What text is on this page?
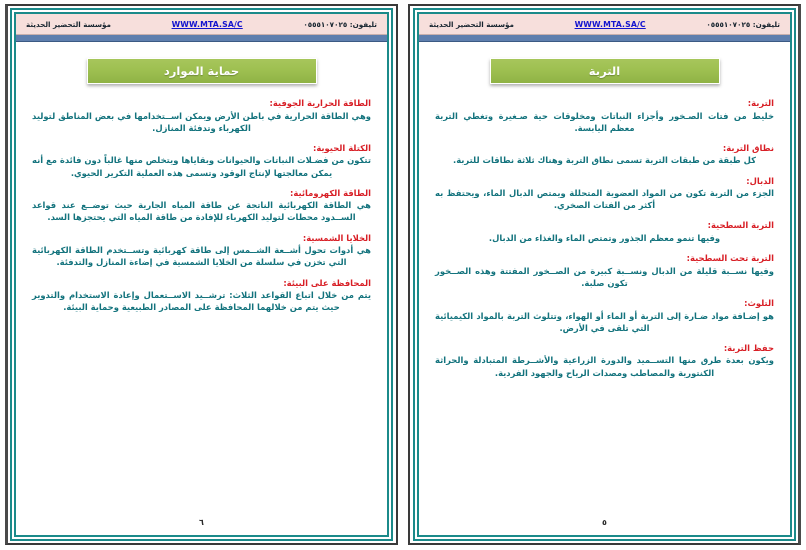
تليفون: ٠٥٥٥١٠٧٠٢٥
WWW.MTA.SA/C
مؤسسة التحضير الحديثة
التربة

التربة:

خليط من فتات الصـخور وأجزاء النباتات ومخلوقات حية صـغيرة وتغطي التربة معظم اليابسة.

نطاق التربة:

كل طبقة من طبقات التربة تسمى نطاق التربة وهناك ثلاثة نطاقات للتربة.

الدبال:

الجزء من التربة تكون من المواد العضوية المتحللة ويمتص الدبال الماء، ويحتفظ به أكثر من الفتات الصخري.

التربة السطحية:

وفيها تنمو معظم الجذور وتمتص الماء والغذاء من الدبال.

التربة تحت السطحية:

وفيها نســبة قليلة من الدبال ونســبة كبيرة من الصــخور المفتتة وهذه الصــخور تكون صلبة.

التلوث:

هو إضـافة مواد ضـارة إلى التربة أو الماء أو الهواء، وتتلوث التربة بالمواد الكيميائية التي تلقى في الأرض.

حفظ التربة:

ويكون بعدة طرق منها التســميد والدورة الزراعية والأشــرطة المتبادلة والحراثة الكنتورية والمصاطب ومصدات الرياح والجهود الفردية.

٥
تليفون: ٠٥٥٥١٠٧٠٢٥
WWW.MTA.SA/C
مؤسسة التحضير الحديثة
حماية الموارد

الطاقة الحرارية الجوفية:

وهي الطاقة الحرارية في باطن الأرض ويمكن اســتخدامها في بعض المناطق لتوليد الكهرباء وتدفئة المنازل.

الكتلة الحيوية:

تتكون من فضـلات النباتات والحيوانات وبقاياها ويتخلص منها غالباً دون فائدة مع أنه يمكن معالجتها لإنتاج الوقود وتسمى هذه العملية التكرير الحيوي.

الطاقة الكهرومائية:

هي الطاقة الكهربائية الناتجة عن طاقة المياه الجارية حيث توضــع عند قواعد الســدود محطات لتوليد الكهرباء للإفادة من طاقة المياه التي يحتجزها السد.

الخلايا الشمسية:

هي أدوات تحول أشــعة الشــمس إلى طاقة كهربائية وتســتخدم الطاقة الكهربائية التي تخزن في سلسلة من الخلايا الشمسية في إضاءة المنازل والتدفئة.

المحافظة على البيئة:

يتم من خلال اتباع القواعد الثلاث: ترشــيد الاســتعمال وإعادة الاستخدام والتدوير حيث يتم من خلالهما المحافظة على المصادر الطبيعية وحماية البيئة.

٦
